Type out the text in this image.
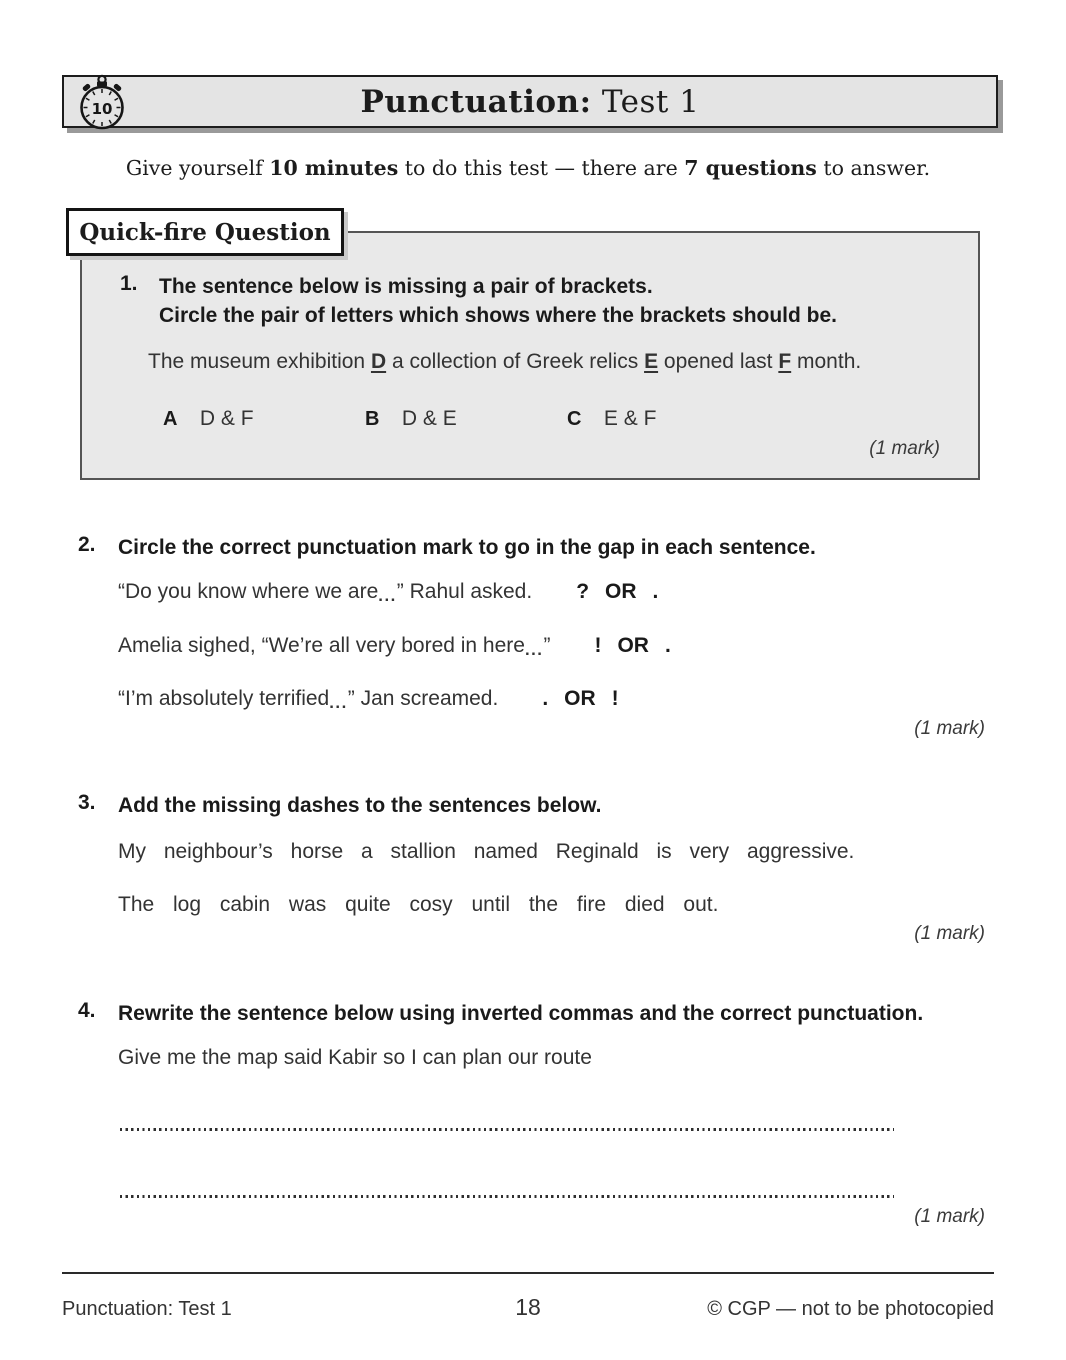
10	Punctuation: Test 1
Give yourself 10 minutes to do this test — there are 7 questions to answer.
Quick-fire Question
1. The sentence below is missing a pair of brackets.
Circle the pair of letters which shows where the brackets should be.
The museum exhibition D a collection of Greek relics E opened last F month.
A D & F	B D & E	C E & F
(1 mark)
2. Circle the correct punctuation mark to go in the gap in each sentence.
“Do you know where we are...” Rahul asked. ? OR .
Amelia sighed, “We’re all very bored in here...” ! OR .
“I’m absolutely terrified...” Jan screamed. . OR !
(1 mark)
3. Add the missing dashes to the sentences below.
My neighbour’s horse a stallion named Reginald is very aggressive.
The log cabin was quite cosy until the fire died out.
(1 mark)
4. Rewrite the sentence below using inverted commas and the correct punctuation.
Give me the map said Kabir so I can plan our route
(1 mark)
Punctuation: Test 1	18	© CGP — not to be photocopied
